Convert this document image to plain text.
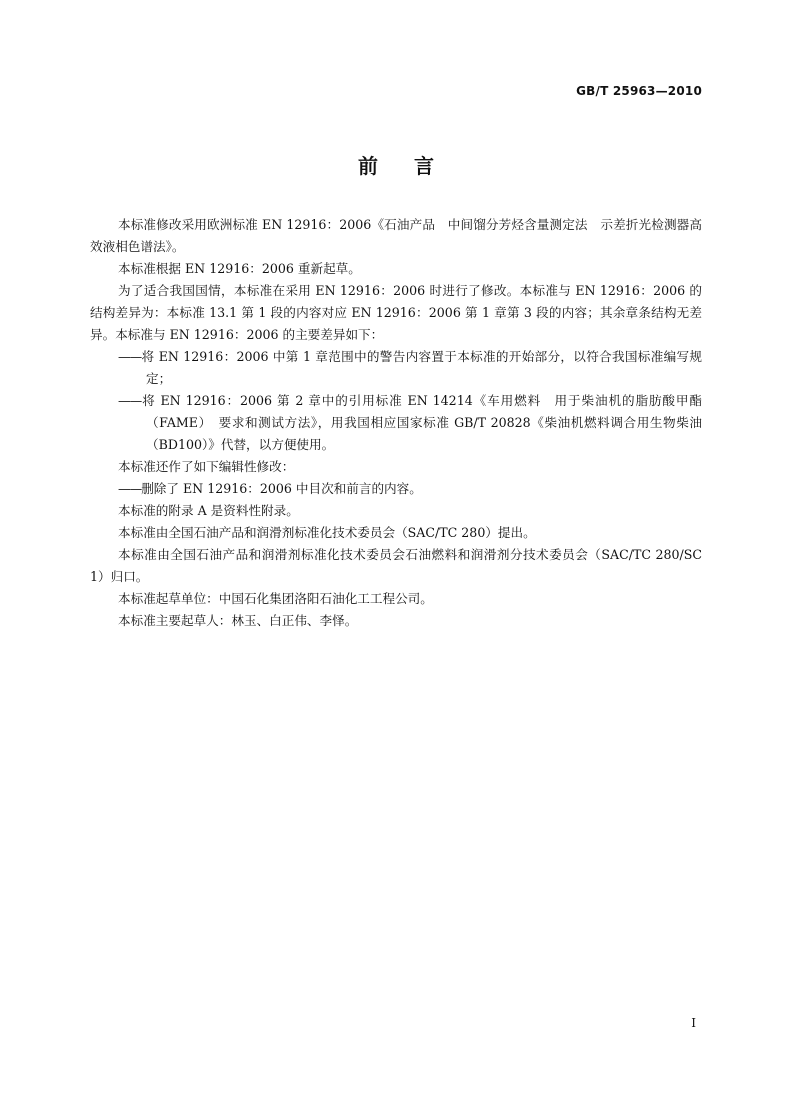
GB/T 25963—2010
前言

本标准修改采用欧洲标准 EN 12916：2006《石油产品　中间馏分芳烃含量测定法　示差折光检测器高效液相色谱法》。

本标准根据 EN 12916：2006 重新起草。

为了适合我国国情，本标准在采用 EN 12916：2006 时进行了修改。本标准与 EN 12916：2006 的结构差异为：本标准 13.1 第 1 段的内容对应 EN 12916：2006 第 1 章第 3 段的内容；其余章条结构无差异。本标准与 EN 12916：2006 的主要差异如下：

—— 将 EN 12916：2006 中第 1 章范围中的警告内容置于本标准的开始部分，以符合我国标准编写规定；

—— 将 EN 12916：2006 第 2 章中的引用标准 EN 14214《车用燃料　用于柴油机的脂肪酸甲酯（FAME）　要求和测试方法》，用我国相应国家标准 GB/T 20828《柴油机燃料调合用生物柴油（BD100）》代替，以方便使用。

本标准还作了如下编辑性修改：

—— 删除了 EN 12916：2006 中目次和前言的内容。

本标准的附录 A 是资料性附录。

本标准由全国石油产品和润滑剂标准化技术委员会（SAC/TC 280）提出。

本标准由全国石油产品和润滑剂标准化技术委员会石油燃料和润滑剂分技术委员会（SAC/TC 280/SC 1）归口。

本标准起草单位：中国石化集团洛阳石油化工工程公司。

本标准主要起草人：林玉、白正伟、李怿。

I
